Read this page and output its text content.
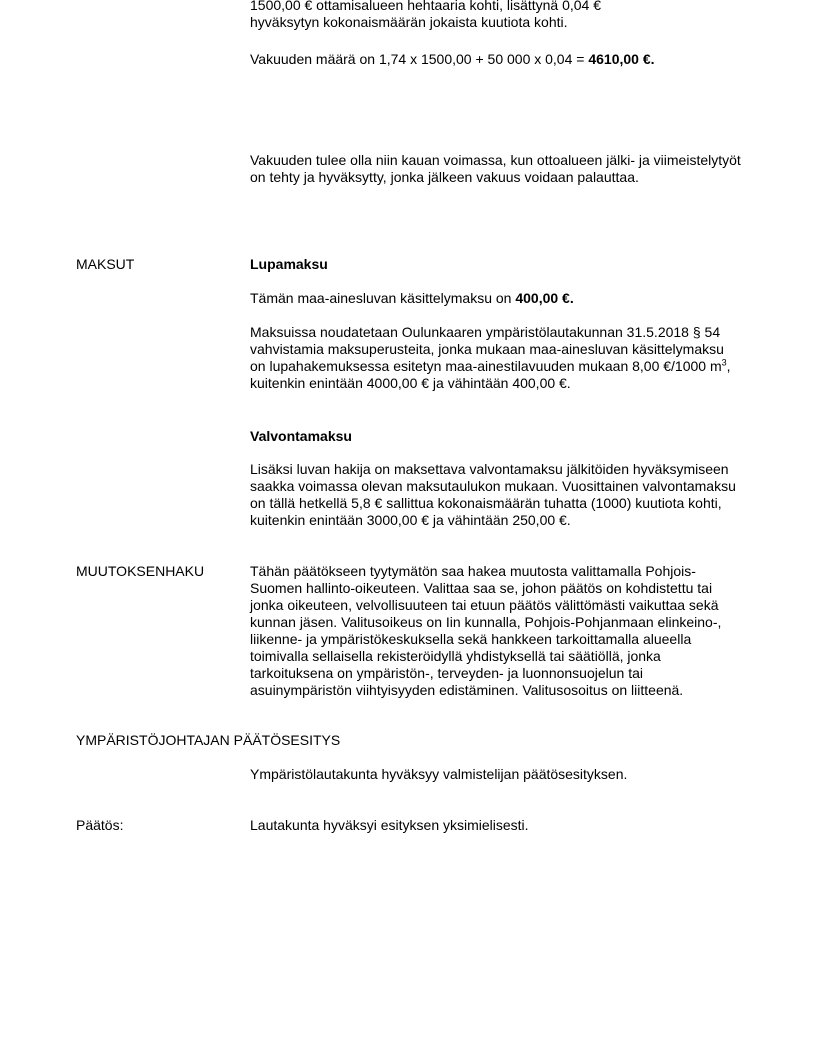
1500,00 € ottamisalueen hehtaaria kohti, lisättynä 0,04 €
hyväksytyn kokonaismäärän jokaista kuutiota kohti.

Vakuuden määrä on 1,74 x 1500,00 + 50 000 x 0,04 = 4610,00 €.

Vakuuden tulee olla niin kauan voimassa, kun ottoalueen jälki- ja viimeistelytyöt on tehty ja hyväksytty, jonka jälkeen vakuus voidaan palauttaa.

MAKSUT	Lupamaksu

Tämän maa-ainesluvan käsittelymaksu on 400,00 €.

Maksuissa noudatetaan Oulunkaaren ympäristölautakunnan 31.5.2018 § 54 vahvistamia maksuperusteita, jonka mukaan maa-ainesluvan käsittelymaksu on lupahakemuksessa esitetyn maa-ainestilavuuden mukaan 8,00 €/1000 $m^3$, kuitenkin enintään 4000,00 € ja vähintään 400,00 €.

Valvontamaksu

Lisäksi luvan hakija on maksettava valvontamaksu jälkitöiden hyväksymiseen saakka voimassa olevan maksutaulukon mukaan. Vuosittainen valvontamaksu on tällä hetkellä 5,8 € sallittua kokonaismäärän tuhatta (1000) kuutiota kohti, kuitenkin enintään 3000,00 € ja vähintään 250,00 €.

MUUTOKSENHAKU	Tähän päätökseen tyytymätön saa hakea muutosta valittamalla Pohjois-Suomen hallinto-oikeuteen. Valittaa saa se, johon päätös on kohdistettu tai jonka oikeuteen, velvollisuuteen tai etuun päätös välittömästi vaikuttaa sekä kunnan jäsen. Valitusoikeus on Iin kunnalla, Pohjois-Pohjanmaan elinkeino-, liikenne- ja ympäristökeskuksella sekä hankkeen tarkoittamalla alueella toimivalla sellaisella rekisteröidyllä yhdistyksellä tai säätiöllä, jonka tarkoituksena on ympäristön-, terveyden- ja luonnonsuojelun tai asuinympäristön viihtyisyyden edistäminen. Valitusosoitus on liitteenä.

YMPÄRISTÖJOHTAJAN PÄÄTÖSESITYS

Ympäristölautakunta hyväksyy valmistelijan päätösesityksen.

Päätös:	Lautakunta hyväksyi esityksen yksimielisesti.
